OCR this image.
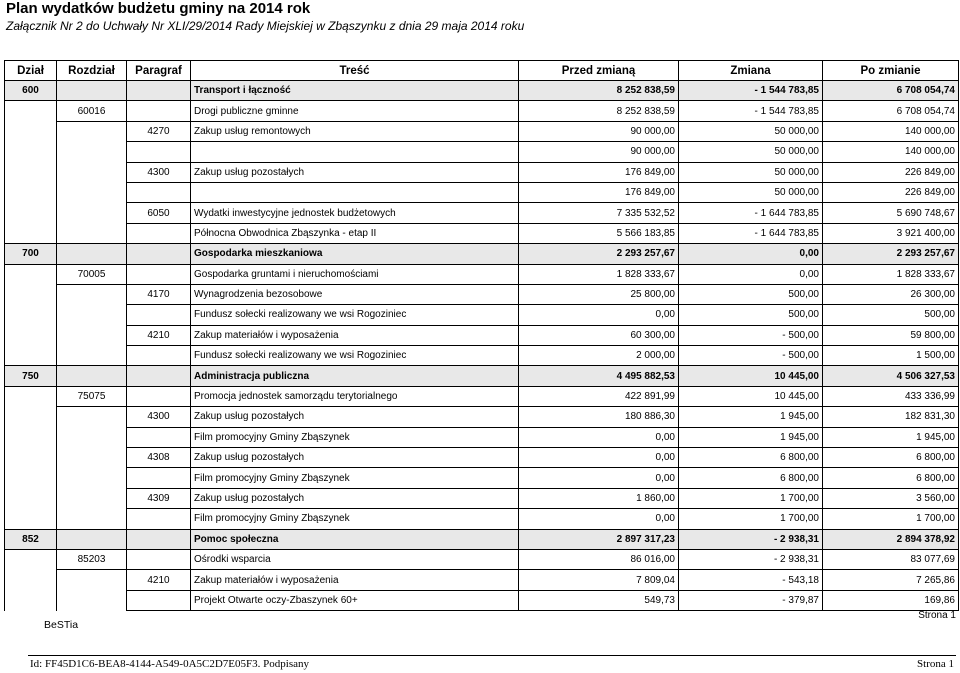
Plan wydatków budżetu gminy na 2014 rok
Załącznik Nr 2 do Uchwały Nr XLI/29/2014 Rady Miejskiej w Zbąszynku z dnia 29 maja 2014 roku
Dział	Rozdział	Paragraf	Treść	Przed zmianą	Zmiana	Po zmianie
600			Transport i łączność	8 252 838,59	- 1 544 783,85	6 708 054,74
	60016		Drogi publiczne gminne	8 252 838,59	- 1 544 783,85	6 708 054,74
		4270	Zakup usług remontowych	90 000,00	50 000,00	140 000,00
				90 000,00	50 000,00	140 000,00
		4300	Zakup usług pozostałych	176 849,00	50 000,00	226 849,00
				176 849,00	50 000,00	226 849,00
		6050	Wydatki inwestycyjne jednostek budżetowych	7 335 532,52	- 1 644 783,85	5 690 748,67
			Północna Obwodnica Zbąszynka - etap II	5 566 183,85	- 1 644 783,85	3 921 400,00
700			Gospodarka mieszkaniowa	2 293 257,67	0,00	2 293 257,67
	70005		Gospodarka gruntami i nieruchomościami	1 828 333,67	0,00	1 828 333,67
		4170	Wynagrodzenia bezosobowe	25 800,00	500,00	26 300,00
			Fundusz sołecki realizowany we wsi Rogoziniec	0,00	500,00	500,00
		4210	Zakup materiałów i wyposażenia	60 300,00	- 500,00	59 800,00
			Fundusz sołecki realizowany we wsi Rogoziniec	2 000,00	- 500,00	1 500,00
750			Administracja publiczna	4 495 882,53	10 445,00	4 506 327,53
	75075		Promocja jednostek samorządu terytorialnego	422 891,99	10 445,00	433 336,99
		4300	Zakup usług pozostałych	180 886,30	1 945,00	182 831,30
			Film promocyjny Gminy Zbąszynek	0,00	1 945,00	1 945,00
		4308	Zakup usług pozostałych	0,00	6 800,00	6 800,00
			Film promocyjny Gminy Zbąszynek	0,00	6 800,00	6 800,00
		4309	Zakup usług pozostałych	1 860,00	1 700,00	3 560,00
			Film promocyjny Gminy Zbąszynek	0,00	1 700,00	1 700,00
852			Pomoc społeczna	2 897 317,23	- 2 938,31	2 894 378,92
	85203		Ośrodki wsparcia	86 016,00	- 2 938,31	83 077,69
		4210	Zakup materiałów i wyposażenia	7 809,04	- 543,18	7 265,86
			Projekt Otwarte oczy-Zbaszynek 60+	549,73	- 379,87	169,86
BeSTia
Strona 1
Id: FF45D1C6-BEA8-4144-A549-0A5C2D7E05F3. Podpisany	Strona 1
